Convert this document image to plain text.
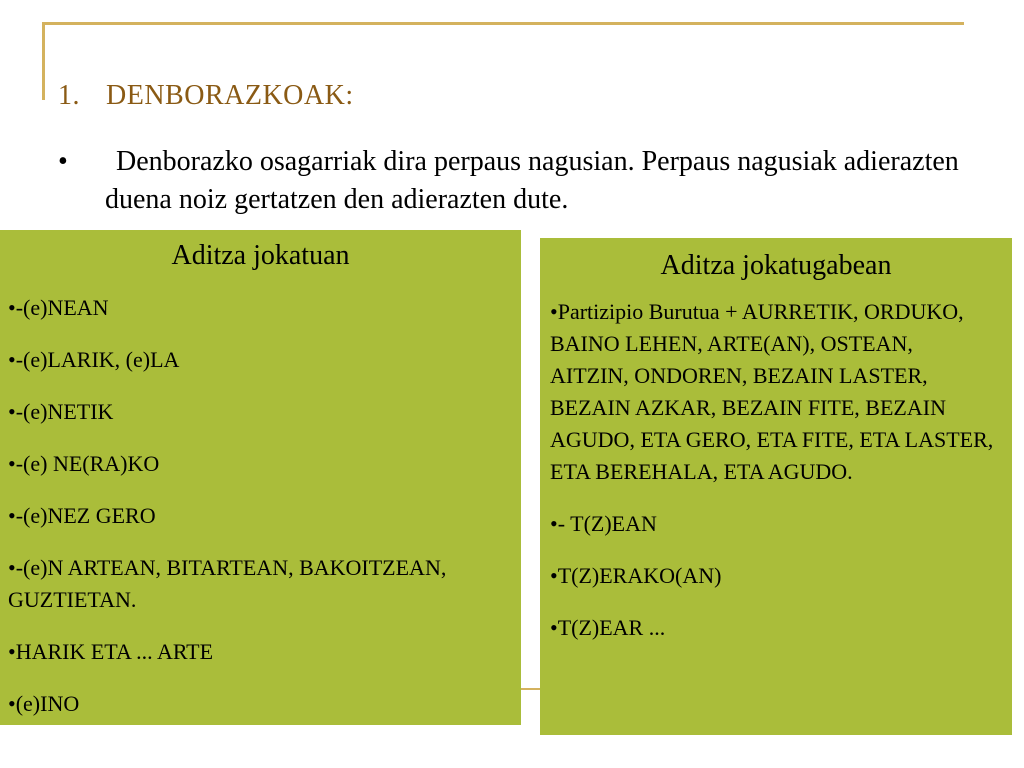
1. DENBORAZKOAK:
•	Denborazko osagarriak dira perpaus nagusian. Perpaus nagusiak adierazten duena noiz gertatzen den adierazten dute.
Aditza jokatuan
•-(e)NEAN
•-(e)LARIK, (e)LA
•-(e)NETIK
•-(e) NE(RA)KO
•-(e)NEZ GERO
•-(e)N ARTEAN, BITARTEAN, BAKOITZEAN, GUZTIETAN.
•HARIK ETA ... ARTE
•(e)INO
Aditza jokatugabean
•Partizipio Burutua + AURRETIK, ORDUKO, BAINO LEHEN, ARTE(AN), OSTEAN, AITZIN, ONDOREN, BEZAIN LASTER, BEZAIN AZKAR, BEZAIN FITE, BEZAIN AGUDO, ETA GERO, ETA FITE, ETA LASTER, ETA BEREHALA, ETA AGUDO.
•- T(Z)EAN
•T(Z)ERAKO(AN)
•T(Z)EAR ...
